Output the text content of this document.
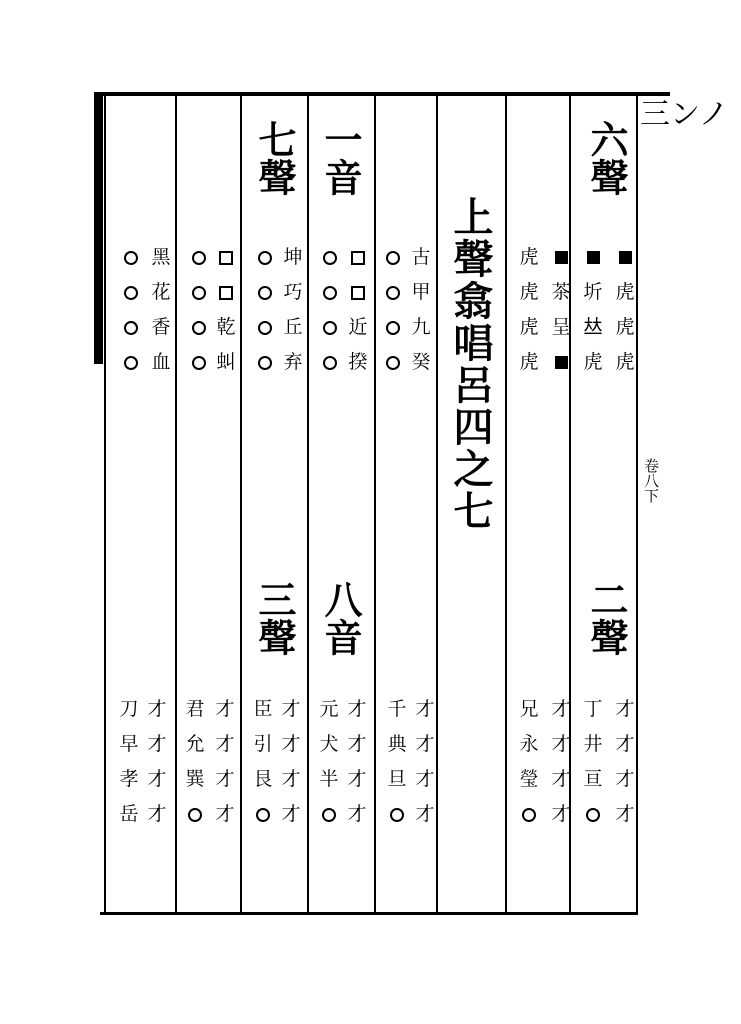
三ンノ
卷八下
上聲翕唱呂四之七
六聲
一音
七聲
二聲
八音
三聲
虎
虎
虎
圻
𠀤
虎
茶
呈
虎
虎
虎
虎
古
甲
九
癸
近
揆
坤
巧
丘
弃
乾
虯
黑
花
香
血
才
才
才
才
丁
井
亘
才
才
才
才
兄
永
瑩
才
才
才
才
千
典
旦
才
才
才
才
元
犬
半
才
才
才
才
臣
引
艮
才
才
才
才
君
允
巽
才
才
才
才
刀
早
孝
岳
